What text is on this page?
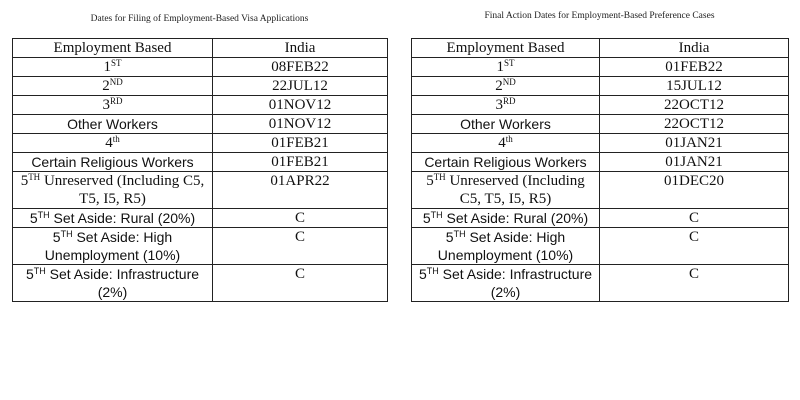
Dates for Filing of Employment-Based Visa Applications
Employment Based	India
1ST	08FEB22
2ND	22JUL12
3RD	01NOV12
Other Workers	01NOV12
4th	01FEB21
Certain Religious Workers	01FEB21
5TH Unreserved (Including C5, T5, I5, R5)	01APR22
5TH Set Aside: Rural (20%)	C
5TH Set Aside: High Unemployment (10%)	C
5TH Set Aside: Infrastructure (2%)	C
Final Action Dates for Employment-Based Preference Cases
Employment Based	India
1ST	01FEB22
2ND	15JUL12
3RD	22OCT12
Other Workers	22OCT12
4th	01JAN21
Certain Religious Workers	01JAN21
5TH Unreserved (Including C5, T5, I5, R5)	01DEC20
5TH Set Aside: Rural (20%)	C
5TH Set Aside: High Unemployment (10%)	C
5TH Set Aside: Infrastructure (2%)	C
